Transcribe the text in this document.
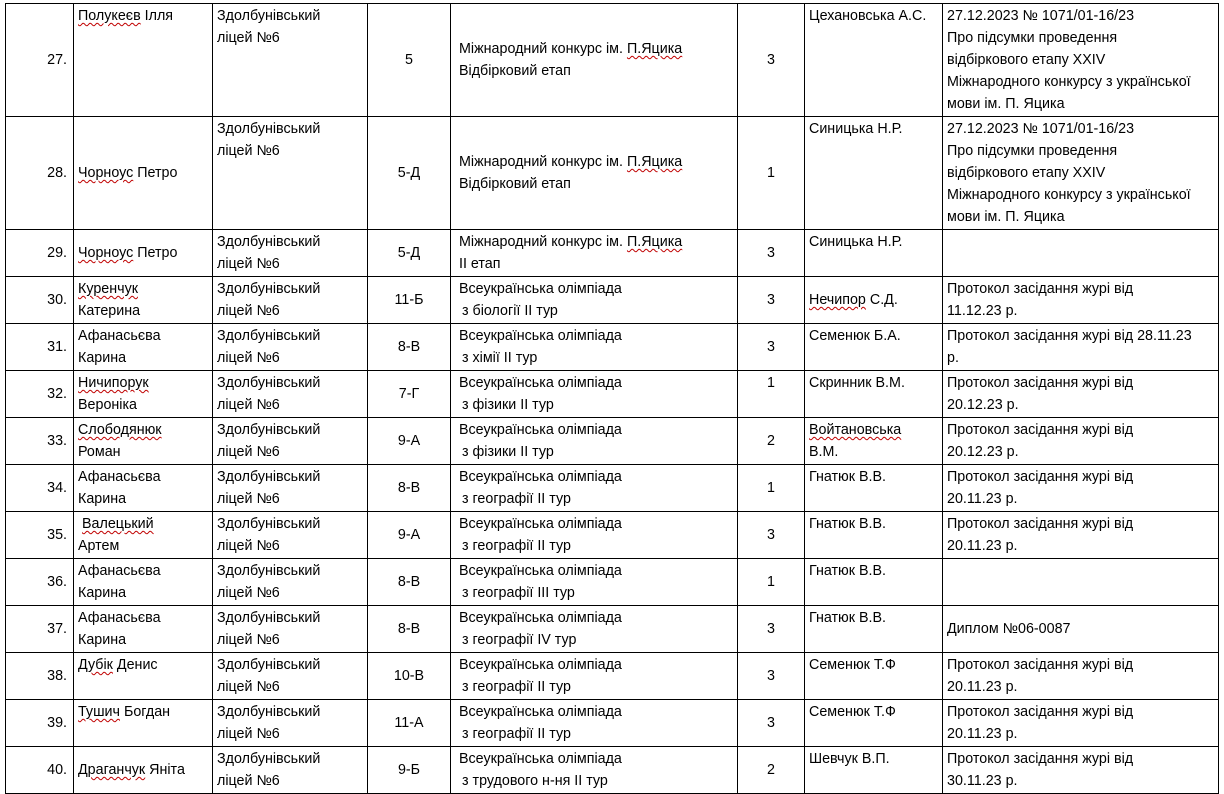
27.	Полукеєв Ілля	Здолбунівський
ліцей №6	5	Міжнародний конкурс ім. П.Яцика
Відбірковий етап	3	Цехановська А.С.	27.12.2023 № 1071/01-16/23
Про підсумки проведення
відбіркового етапу XXIV
Міжнародного конкурсу з української
мови ім. П. Яцика

28.	Чорноус Петро	Здолбунівський
ліцей №6	5-Д	Міжнародний конкурс ім. П.Яцика
Відбірковий етап	1	Синицька Н.Р.	27.12.2023 № 1071/01-16/23
Про підсумки проведення
відбіркового етапу XXIV
Міжнародного конкурсу з української
мови ім. П. Яцика

29.	Чорноус Петро	Здолбунівський
ліцей №6	5-Д	Міжнародний конкурс ім. П.Яцика
ІІ етап	3	Синицька Н.Р.	

30.	Куренчук
Катерина	Здолбунівський
ліцей №6	11-Б	Всеукраїнська олімпіада
з біології ІІ тур	3	Нечипор С.Д.	Протокол засідання журі від
11.12.23 р.

31.	Афанасьєва
Карина	Здолбунівський
ліцей №6	8-В	Всеукраїнська олімпіада
з хімії ІІ тур	3	Семенюк Б.А.	Протокол засідання журі від 28.11.23
р.

32.	Ничипорук
Вероніка	Здолбунівський
ліцей №6	7-Г	Всеукраїнська олімпіада
з фізики ІІ тур	1	Скринник В.М.	Протокол засідання журі від
20.12.23 р.

33.	Слободянюк
Роман	Здолбунівський
ліцей №6	9-А	Всеукраїнська олімпіада
з фізики ІІ тур	2	Войтановська
В.М.	Протокол засідання журі від
20.12.23 р.

34.	Афанасьєва
Карина	Здолбунівський
ліцей №6	8-В	Всеукраїнська олімпіада
з географії ІІ тур	1	Гнатюк В.В.	Протокол засідання журі від
20.11.23 р.

35.	Валецький
Артем	Здолбунівський
ліцей №6	9-А	Всеукраїнська олімпіада
з географії ІІ тур	3	Гнатюк В.В.	Протокол засідання журі від
20.11.23 р.

36.	Афанасьєва
Карина	Здолбунівський
ліцей №6	8-В	Всеукраїнська олімпіада
з географії ІІІ тур	1	Гнатюк В.В.	

37.	Афанасьєва
Карина	Здолбунівський
ліцей №6	8-В	Всеукраїнська олімпіада
з географії ІV тур	3	Гнатюк В.В.	Диплом №06-0087

38.	Дубік Денис	Здолбунівський
ліцей №6	10-В	Всеукраїнська олімпіада
з географії ІІ тур	3	Семенюк Т.Ф	Протокол засідання журі від
20.11.23 р.

39.	Тушич Богдан	Здолбунівський
ліцей №6	11-А	Всеукраїнська олімпіада
з географії ІІ тур	3	Семенюк Т.Ф	Протокол засідання журі від
20.11.23 р.

40.	Драганчук Яніта	Здолбунівський
ліцей №6	9-Б	Всеукраїнська олімпіада
з трудового н-ня ІІ тур	2	Шевчук В.П.	Протокол засідання журі від
30.11.23 р.
